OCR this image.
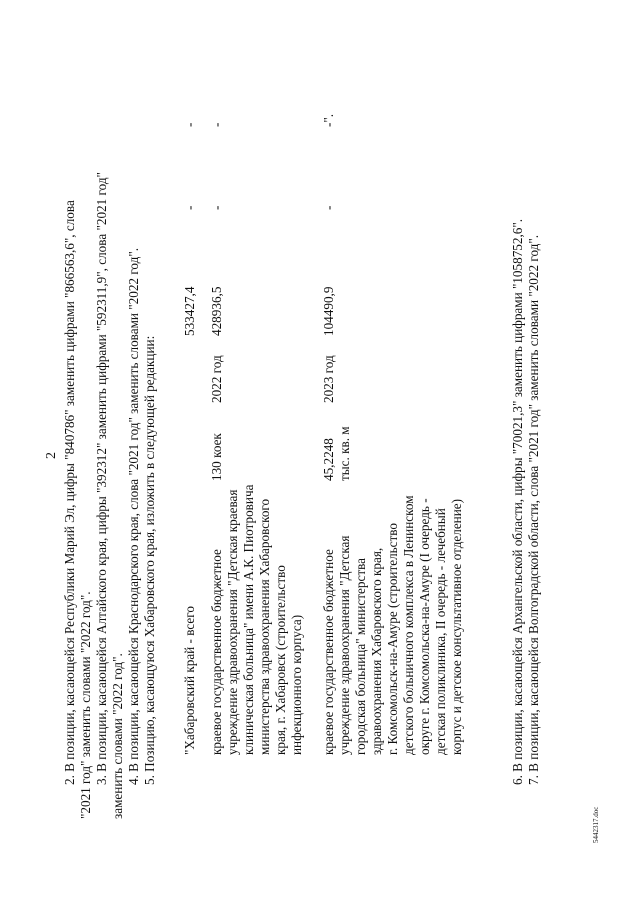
2 2. В позиции, касающейся Республики Марий Эл, цифры "840786" заменить цифрами "866563,6", слова "2021 год" заменить словами "2022 год". 3. В позиции, касающейся Алтайского края, цифры "392312" заменить цифрами "592311,9", слова "2021 год" заменить словами "2022 год". 4. В позиции, касающейся Краснодарского края, слова "2021 год" заменить словами "2022 год". 5. Позицию, касающуюся Хабаровского края, изложить в следующей редакции: "Хабаровский край - всего
533427,4
-
-
краевое государственное бюджетное учреждение здравоохранения "Детская краевая клиническая больница" имени А.К. Пиотровича министерства здравоохранения Хабаровского края, г. Хабаровск (строительство инфекционного корпуса)
130 коек
2022 год
428936,5
-
-
краевое государственное бюджетное учреждение здравоохранения "Детская городская больница" министерства здравоохранения Хабаровского края, г. Комсомольск-на-Амуре (строительство детского больничного комплекса в Ленинском округе г. Комсомольска-на-Амуре (I очередь - детская поликлиника, II очередь - лечебный корпус и детское консультативное отделение)
45,2248 тыс. кв. м
2023 год
104490,9
-
-".
6. В позиции, касающейся Архангельской области, цифры "70021,3" заменить цифрами "1058752,6". 7. В позиции, касающейся Волгоградской области, слова "2021 год" заменить словами "2022 год".
5442317.doc
